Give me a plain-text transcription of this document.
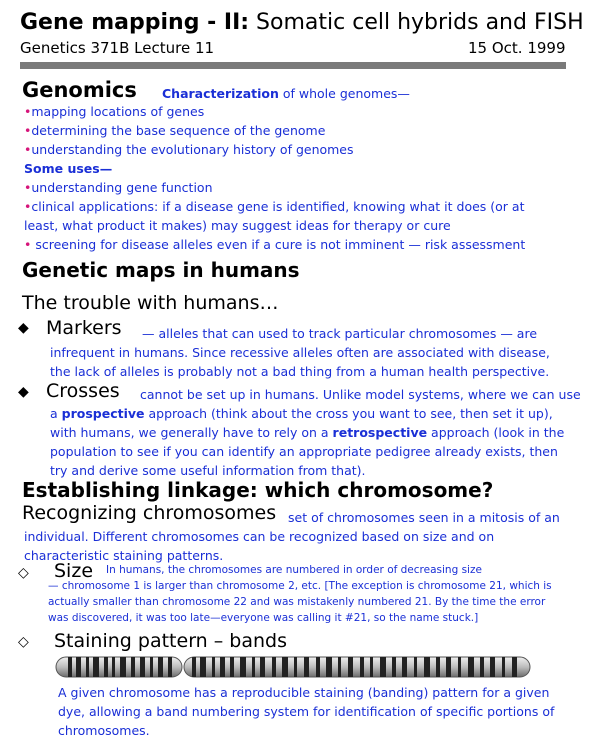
Gene mapping - II: Somatic cell hybrids and FISH
Genetics 371B Lecture 11	15 Oct. 1999
Genomics Characterization of whole genomes—
•mapping locations of genes
•determining the base sequence of the genome
•understanding the evolutionary history of genomes
Some uses—
•understanding gene function
•clinical applications: if a disease gene is identified, knowing what it does (or at
least, what product it makes) may suggest ideas for therapy or cure
• screening for disease alleles even if a cure is not imminent — risk assessment
Genetic maps in humans
The trouble with humans…
◆ Markers — alleles that can used to track particular chromosomes — are
infrequent in humans. Since recessive alleles often are associated with disease,
the lack of alleles is probably not a bad thing from a human health perspective.
◆ Crosses cannot be set up in humans. Unlike model systems, where we can use
a prospective approach (think about the cross you want to see, then set it up),
with humans, we generally have to rely on a retrospective approach (look in the
population to see if you can identify an appropriate pedigree already exists, then
try and derive some useful information from that).
Establishing linkage: which chromosome?
Recognizing chromosomes set of chromosomes seen in a mitosis of an
individual. Different chromosomes can be recognized based on size and on
characteristic staining patterns.
◇ Size In humans, the chromosomes are numbered in order of decreasing size
— chromosome 1 is larger than chromosome 2, etc. [The exception is chromosome 21, which is
actually smaller than chromosome 22 and was mistakenly numbered 21. By the time the error
was discovered, it was too late—everyone was calling it #21, so the name stuck.]
◇ Staining pattern – bands
A given chromosome has a reproducible staining (banding) pattern for a given
dye, allowing a band numbering system for identification of specific portions of
chromosomes.
